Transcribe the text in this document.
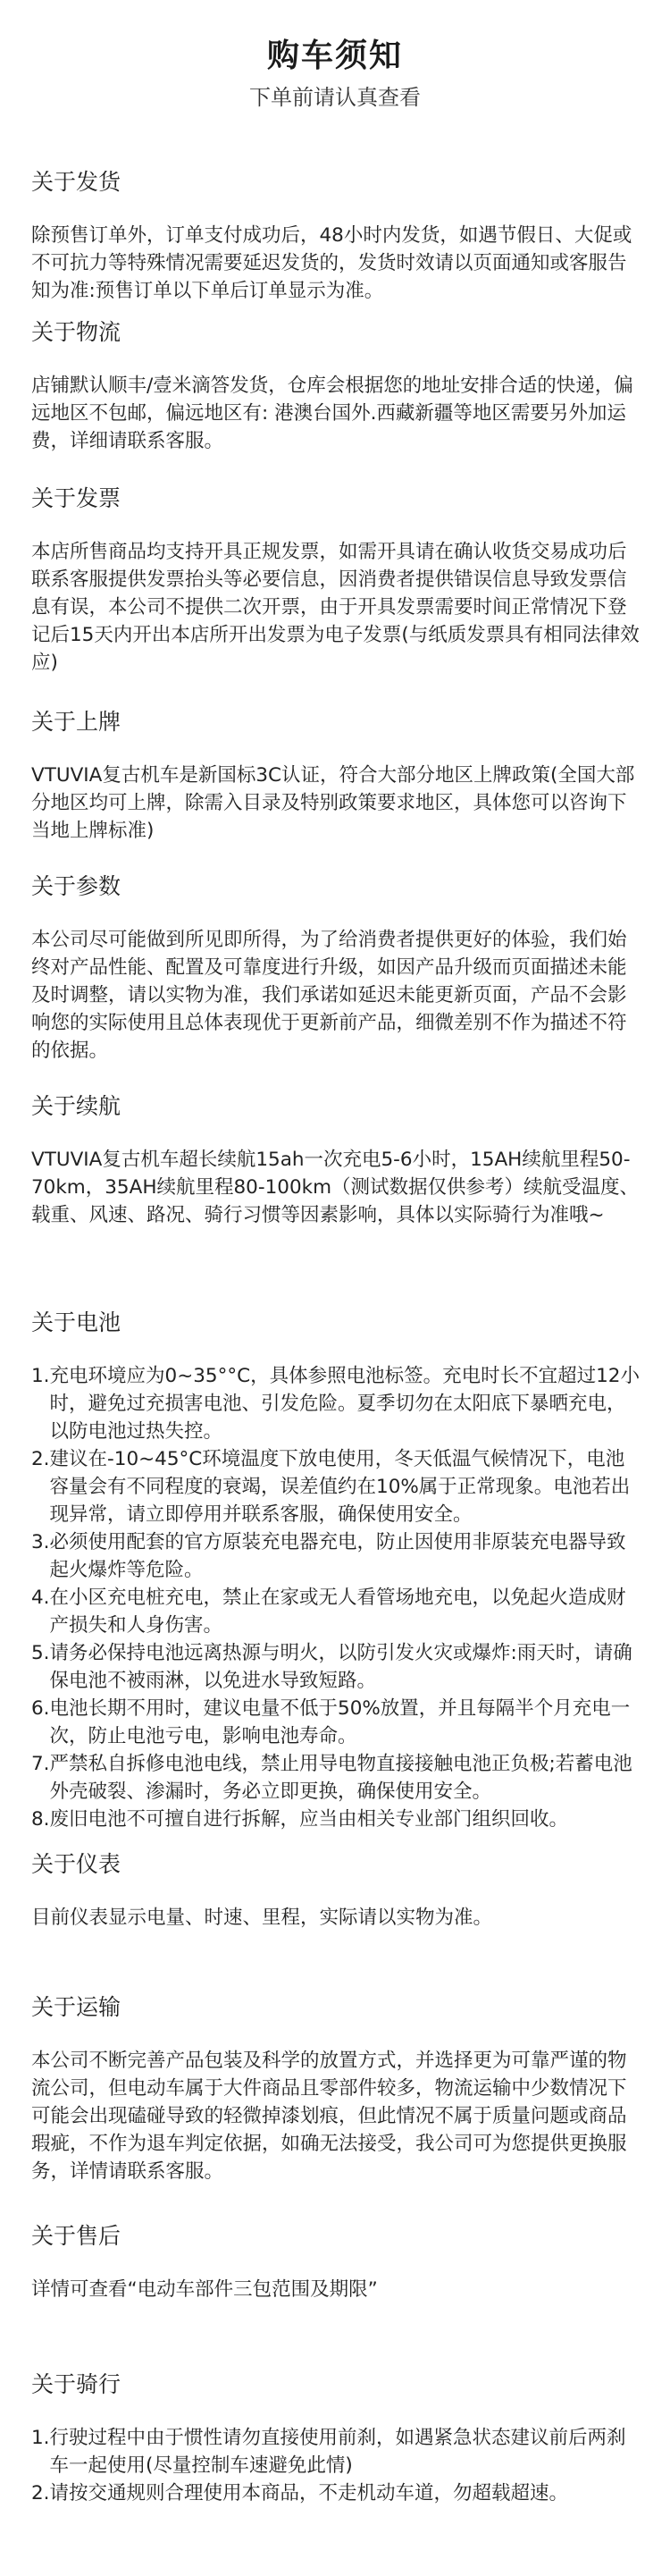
购车须知
下单前请认真查看
关于发货

除预售订单外，订单支付成功后，48小时内发货，如遇节假日、大促或不可抗力等特殊情况需要延迟发货的，发货时效请以页面通知或客服告知为准:预售订单以下单后订单显示为准。

关于物流

店铺默认顺丰/壹米滴答发货，仓库会根据您的地址安排合适的快递，偏远地区不包邮，偏远地区有: 港澳台国外.西藏新疆等地区需要另外加运费，详细请联系客服。

关于发票

本店所售商品均支持开具正规发票，如需开具请在确认收货交易成功后联系客服提供发票抬头等必要信息，因消费者提供错误信息导致发票信息有误，本公司不提供二次开票，由于开具发票需要时间正常情况下登记后15天内开出本店所开出发票为电子发票(与纸质发票具有相同法律效应)

关于上牌

VTUVIA复古机车是新国标3C认证，符合大部分地区上牌政策(全国大部分地区均可上牌，除需入目录及特别政策要求地区，具体您可以咨询下当地上牌标准)

关于参数

本公司尽可能做到所见即所得，为了给消费者提供更好的体验，我们始终对产品性能、配置及可靠度进行升级，如因产品升级而页面描述未能及时调整，请以实物为准，我们承诺如延迟未能更新页面，产品不会影响您的实际使用且总体表现优于更新前产品，细微差别不作为描述不符的依据。

关于续航

VTUVIA复古机车超长续航15ah一次充电5-6小时，15AH续航里程50-70km，35AH续航里程80-100km（测试数据仅供参考）续航受温度、载重、风速、路况、骑行习惯等因素影响，具体以实际骑行为准哦~

关于电池
1. 充电环境应为0~35°°C，具体参照电池标签。充电时长不宜超过12小时，避免过充损害电池、引发危险。夏季切勿在太阳底下暴晒充电，以防电池过热失控。
2. 建议在-10~45°C环境温度下放电使用，冬天低温气候情况下，电池容量会有不同程度的衰竭，误差值约在10%属于正常现象。电池若出现异常，请立即停用并联系客服，确保使用安全。
3. 必须使用配套的官方原装充电器充电，防止因使用非原装充电器导致起火爆炸等危险。
4. 在小区充电桩充电，禁止在家或无人看管场地充电，以免起火造成财产损失和人身伤害。
5. 请务必保持电池远离热源与明火，以防引发火灾或爆炸:雨天时，请确保电池不被雨淋，以免进水导致短路。
6. 电池长期不用时，建议电量不低于50%放置，并且每隔半个月充电一次，防止电池亏电，影响电池寿命。
7. 严禁私自拆修电池电线，禁止用导电物直接接触电池正负极;若蓄电池外壳破裂、渗漏时，务必立即更换，确保使用安全。
8. 废旧电池不可擅自进行拆解，应当由相关专业部门组织回收。
关于仪表

目前仪表显示电量、时速、里程，实际请以实物为准。

关于运输

本公司不断完善产品包装及科学的放置方式，并选择更为可靠严谨的物流公司，但电动车属于大件商品且零部件较多，物流运输中少数情况下可能会出现磕碰导致的轻微掉漆划痕，但此情况不属于质量问题或商品瑕疵，不作为退车判定依据，如确无法接受，我公司可为您提供更换服务，详情请联系客服。

关于售后

详情可查看“电动车部件三包范围及期限”

关于骑行
1. 行驶过程中由于惯性请勿直接使用前刹，如遇紧急状态建议前后两刹车一起使用(尽量控制车速避免此情)
2. 请按交通规则合理使用本商品，不走机动车道，勿超载超速。
